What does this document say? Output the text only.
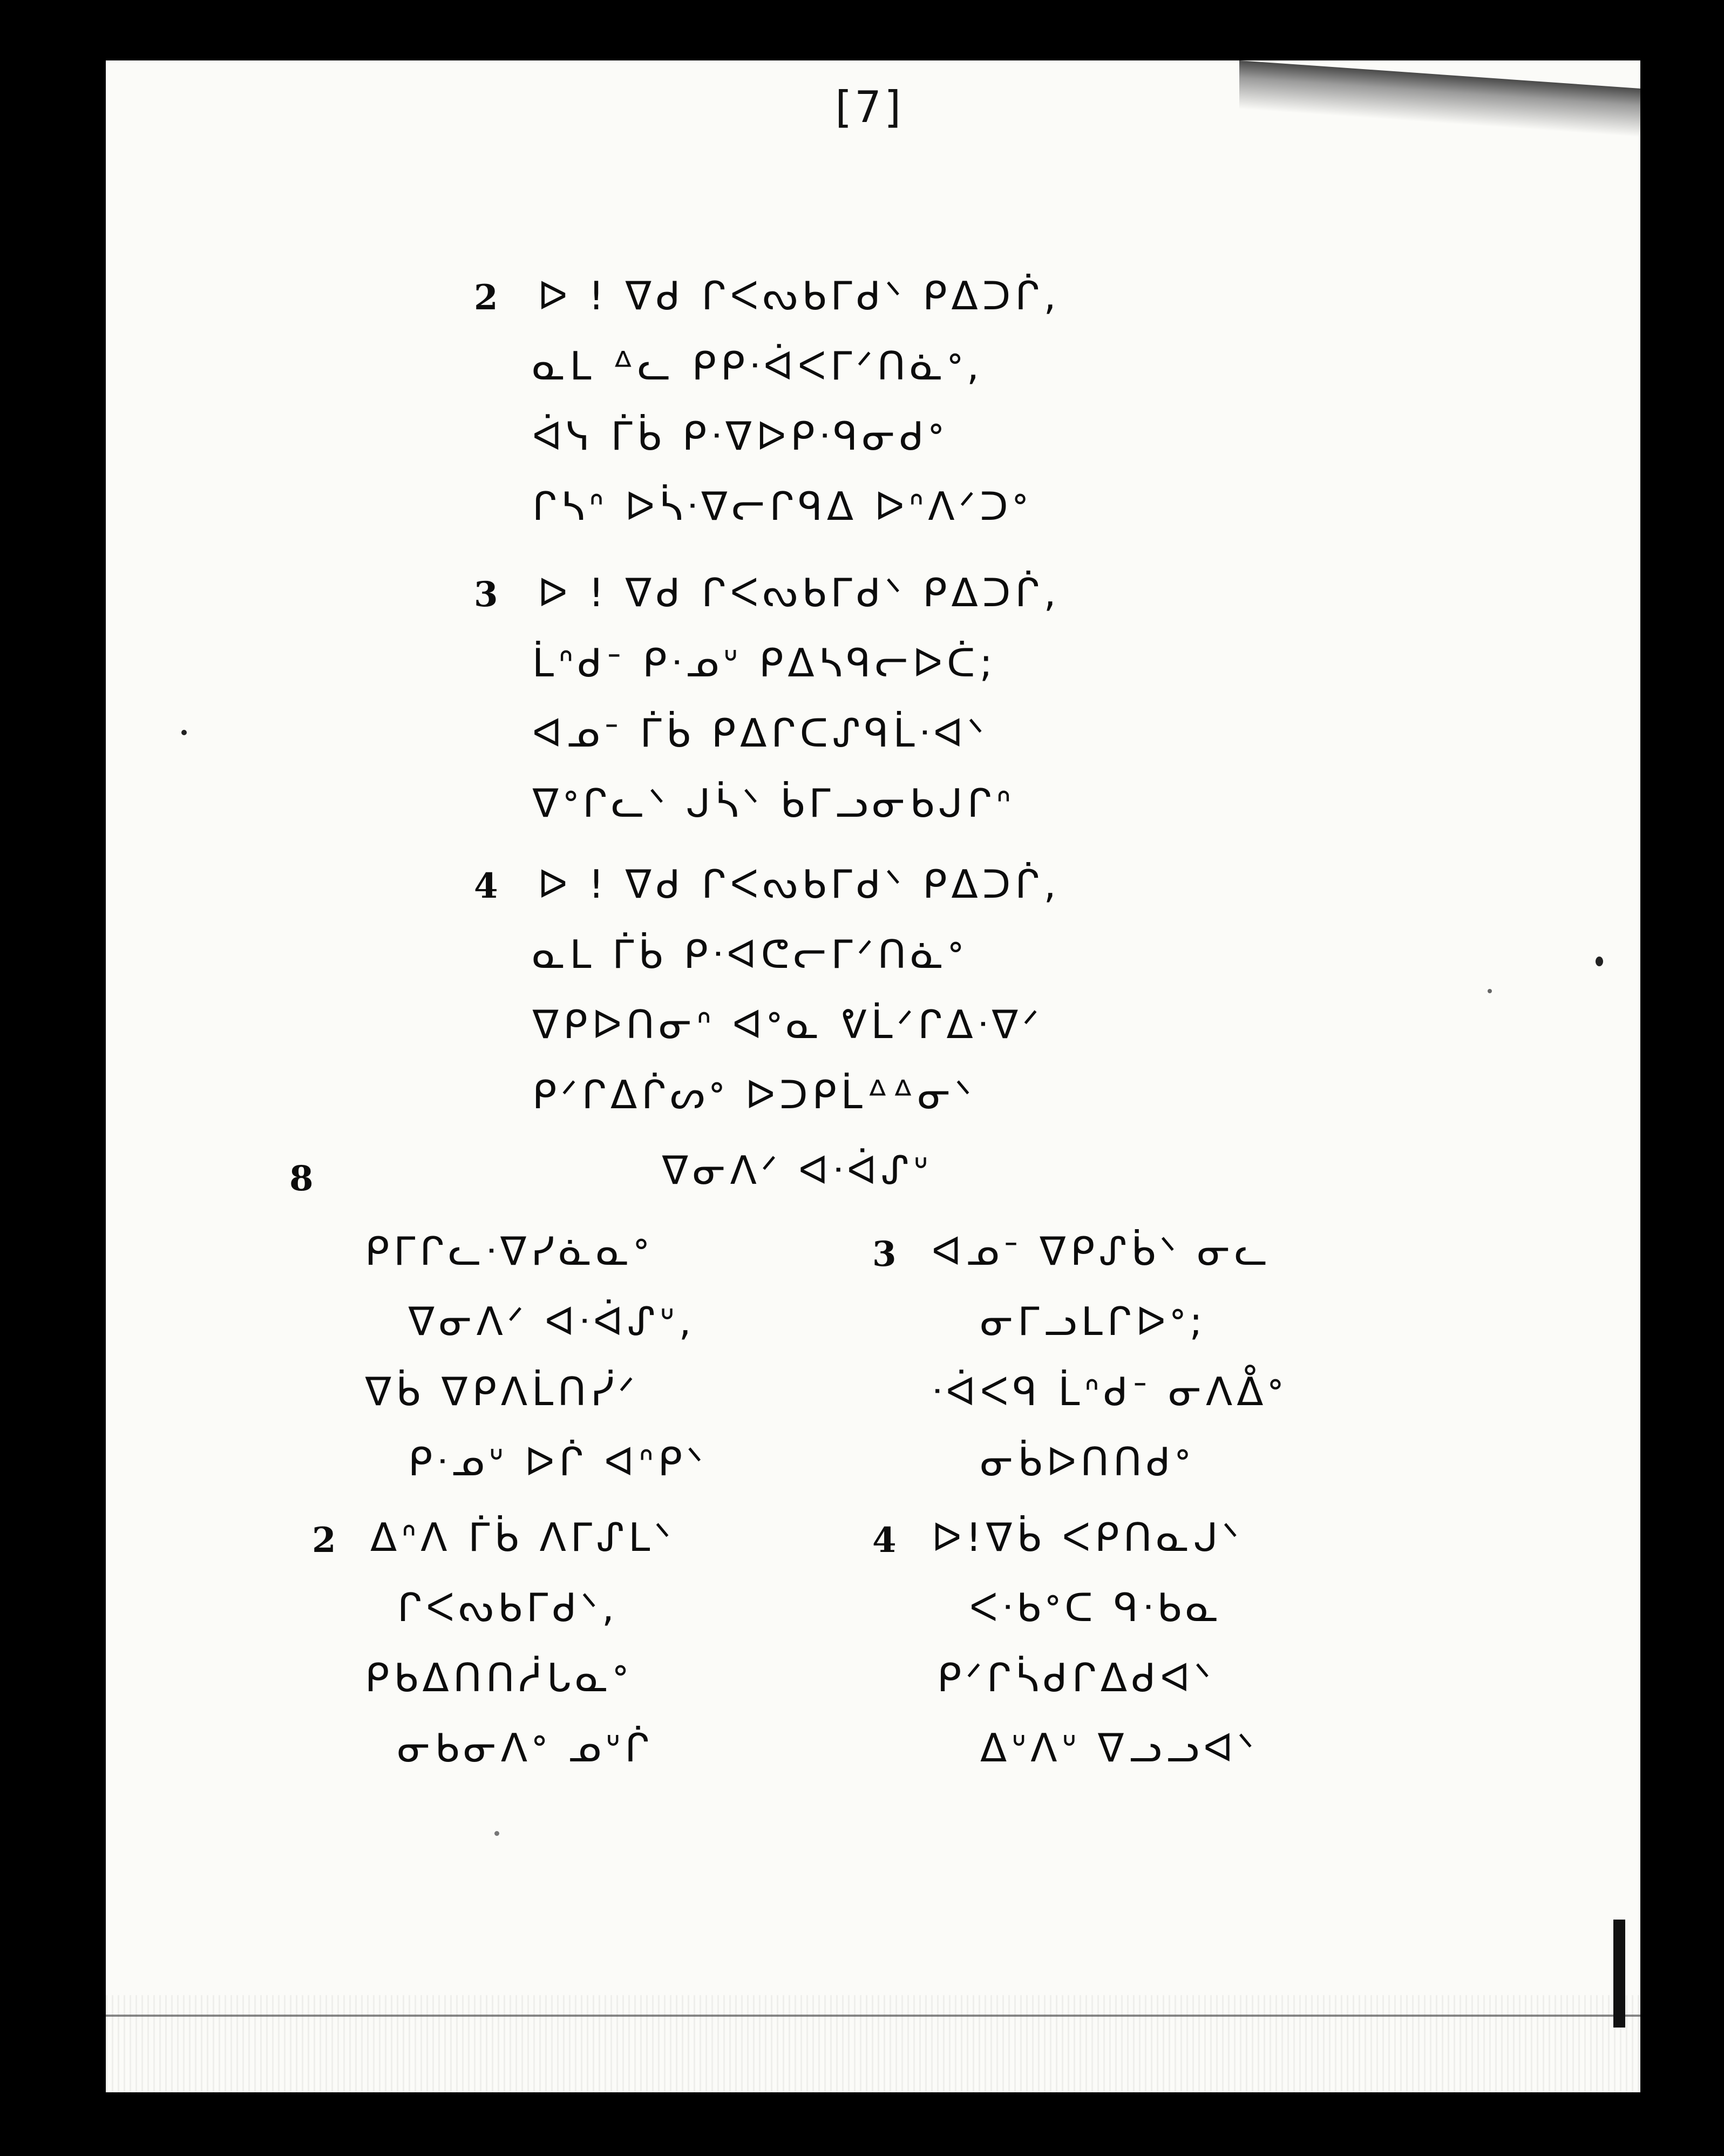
[7]
2 ᐅ ! ᐁᑯ ᒋᐸᔓᑲᒥᑯᐠ ᑭᐃᑐᒌ,
ᓇᒪ ᐞᓚ ᑭᑭᐧᐋᐸᒥᐟᑎᓈᐤ,
ᐋᓭ ᒦᑳ ᑭᐧᐁᐅᑭᐧᑫᓂᑯᐤ
ᒋᓴᐢ ᐅᓵᐧᐁᓕᒋᑫᐃ ᐅᐢᐱᐟᑐᐤ
3 ᐅ ! ᐁᑯ ᒋᐸᔓᑲᒥᑯᐠ ᑭᐃᑐᒌ,
ᒫᐢᑯᐨ ᑭᐧᓄᐡ ᑭᐃᓴᑫᓕᐅᑖ;
ᐊᓄᐨ ᒦᑳ ᑭᐃᒋᑕᔑᑫᒫᐧᐊᐠ
ᐁᐤᒋᓚᐠ ᒍᓵᐠ ᑳᒥᓗᓂᑲᒍᒋᐢ
4 ᐅ ! ᐁᑯ ᒋᐸᔓᑲᒥᑯᐠ ᑭᐃᑐᒌ,
ᓇᒪ ᒦᑳ ᑭᐧᐊᕦᓕᒥᐟᑎᓈᐤ
ᐁᑭᐅᑎᓂᐢ ᐊᐤᓇ ᕓᒫᐟᒋᐃᐧᐁᐟ
ᑭᐟᒋᐃᒌᔕᐤ ᐅᑐᑭᒫᐞᐞᓂᐠ
8	ᐁᓂᐱᐟ ᐊᐧᐋᔑᐡ
ᑭᒥᒋᓚᐧᐁᓯᓈᓇᐤ
ᐁᓂᐱᐟ ᐊᐧᐋᔑᐡ,
ᐁᑳ ᐁᑭᐱᒫᑎᓰᐟ
ᑭᐧᓄᐡ ᐅᒌ ᐊᐢᑭᐠ
2 ᐃᐢᐱ ᒦᑳ ᐱᒥᔑᒪᐠ
ᒋᐸᔓᑲᒥᑯᐠ,
ᑭᑲᐃᑎᑎᓲᒐᓇᐤ
ᓂᑲᓂᐱᐤ ᓄᐡᒌ
3 ᐊᓄᐨ ᐁᑭᔑᑳᐠ ᓂᓚ
ᓂᒥᓗᒪᒋᐅᐤ;
ᐧᐋᐸᑫ ᒫᐢᑯᐨ ᓂᐱᐂᐤ
ᓂᑳᐅᑎᑎᑯᐤ
4 ᐅ!ᐁᑳ ᐸᑭᑎᓇᒍᐠ
ᐸᐧᑲᐤᑕ ᑫᐧᑲᓇ
ᑭᐟᒋᓵᑯᒋᐃᑯᐊᐠ
ᐃᐡᐱᐡ ᐁᓗᓗᐊᐠ
